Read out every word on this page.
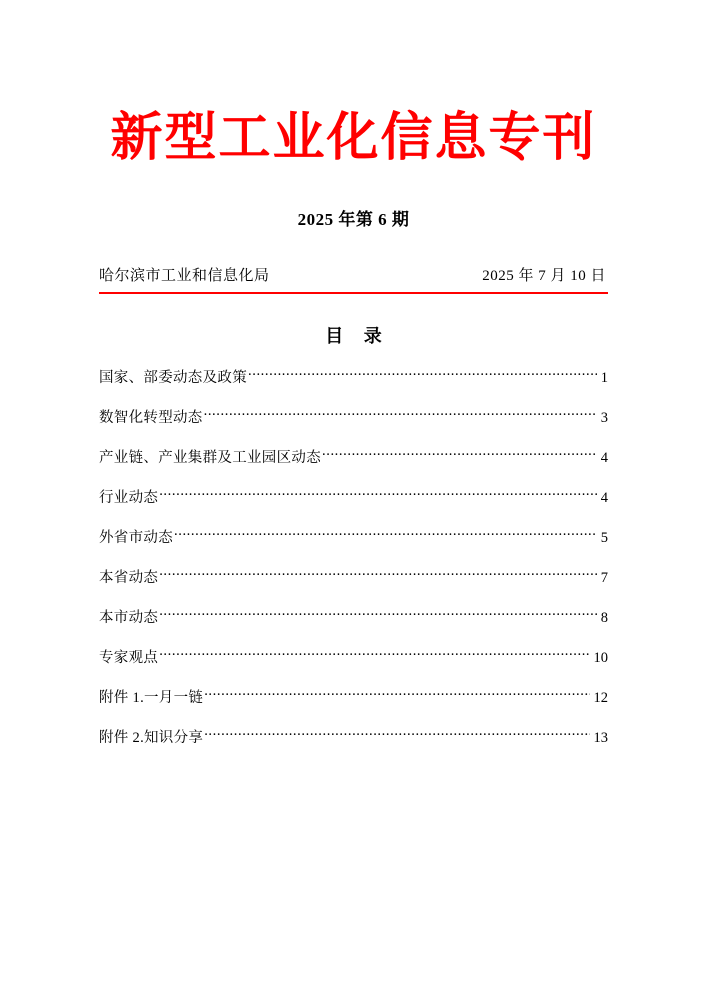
新型工业化信息专刊
2025 年第 6 期
哈尔滨市工业和信息化局	2025 年 7 月 10 日
目 录
国家、部委动态及政策 .....	1
数智化转型动态 .....	3
产业链、产业集群及工业园区动态 .....	4
行业动态 .....	4
外省市动态 .....	5
本省动态 .....	7
本市动态 .....	8
专家观点 .....	10
附件 1.一月一链 .....	12
附件 2.知识分享 .....	13
